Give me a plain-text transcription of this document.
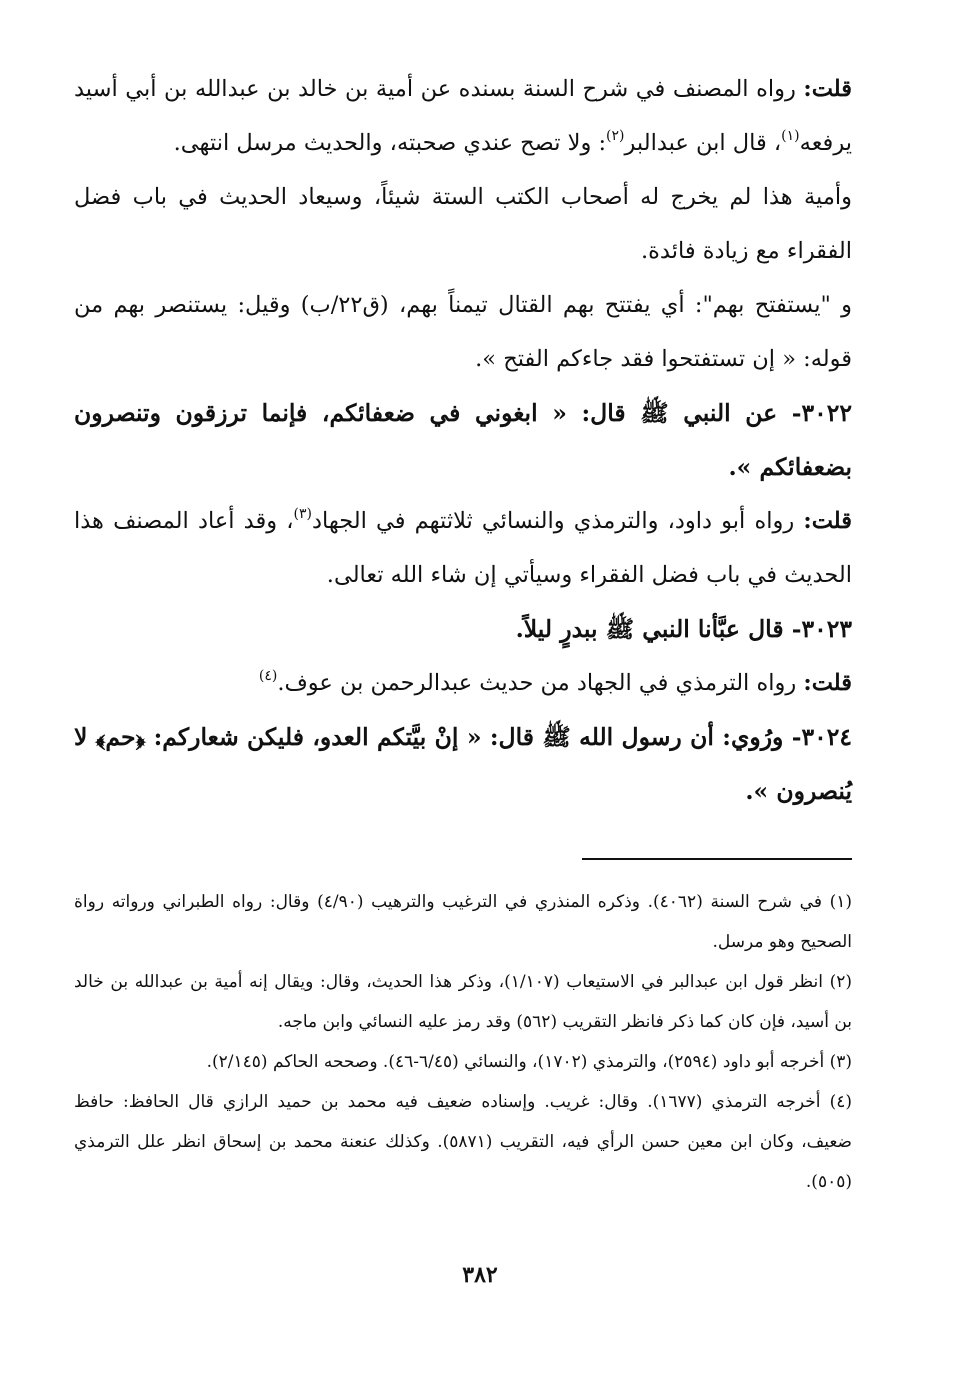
قلت: رواه المصنف في شرح السنة بسنده عن أمية بن خالد بن عبدالله بن أبي أسيد يرفعه$^{(١)}$، قال ابن عبدالبر$^{(٢)}$: ولا تصح عندي صحبته، والحديث مرسل انتهى.

وأمية هذا لم يخرج له أصحاب الكتب الستة شيئاً، وسيعاد الحديث في باب فضل الفقراء مع زيادة فائدة.

و "يستفتح بهم": أي يفتتح بهم القتال تيمناً بهم، (ق٢٢/ب) وقيل: يستنصر بهم من قوله: « إن تستفتحوا فقد جاءكم الفتح ».

٣٠٢٢- عن النبي ﷺ قال: « ابغوني في ضعفائكم، فإنما ترزقون وتنصرون بضعفائكم ».

قلت: رواه أبو داود، والترمذي والنسائي ثلاثتهم في الجهاد$^{(٣)}$، وقد أعاد المصنف هذا الحديث في باب فضل الفقراء وسيأتي إن شاء الله تعالى.

٣٠٢٣- قال عبَّأنا النبي ﷺ ببدرٍ ليلاً.

قلت: رواه الترمذي في الجهاد من حديث عبدالرحمن بن عوف.$^{(٤)}$

٣٠٢٤- ورُوي: أن رسول الله ﷺ قال: « إنْ بيَّتكم العدو، فليكن شعاركم: ﴿حم﴾ لا يُنصرون ».

(١) في شرح السنة (٤٠٦٢). وذكره المنذري في الترغيب والترهيب (٤/٩٠) وقال: رواه الطبراني ورواته رواة الصحيح وهو مرسل.

(٢) انظر قول ابن عبدالبر في الاستيعاب (١/١٠٧)، وذكر هذا الحديث، وقال: ويقال إنه أمية بن عبدالله بن خالد بن أسيد، فإن كان كما ذكر فانظر التقريب (٥٦٢) وقد رمز عليه النسائي وابن ماجه.

(٣) أخرجه أبو داود (٢٥٩٤)، والترمذي (١٧٠٢)، والنسائي (٦/٤٥-٤٦). وصححه الحاكم (٢/١٤٥).

(٤) أخرجه الترمذي (١٦٧٧). وقال: غريب. وإسناده ضعيف فيه محمد بن حميد الرازي قال الحافظ: حافظ ضعيف، وكان ابن معين حسن الرأي فيه، التقريب (٥٨٧١). وكذلك عنعنة محمد بن إسحاق انظر علل الترمذي (٥٠٥).

٣٨٢
